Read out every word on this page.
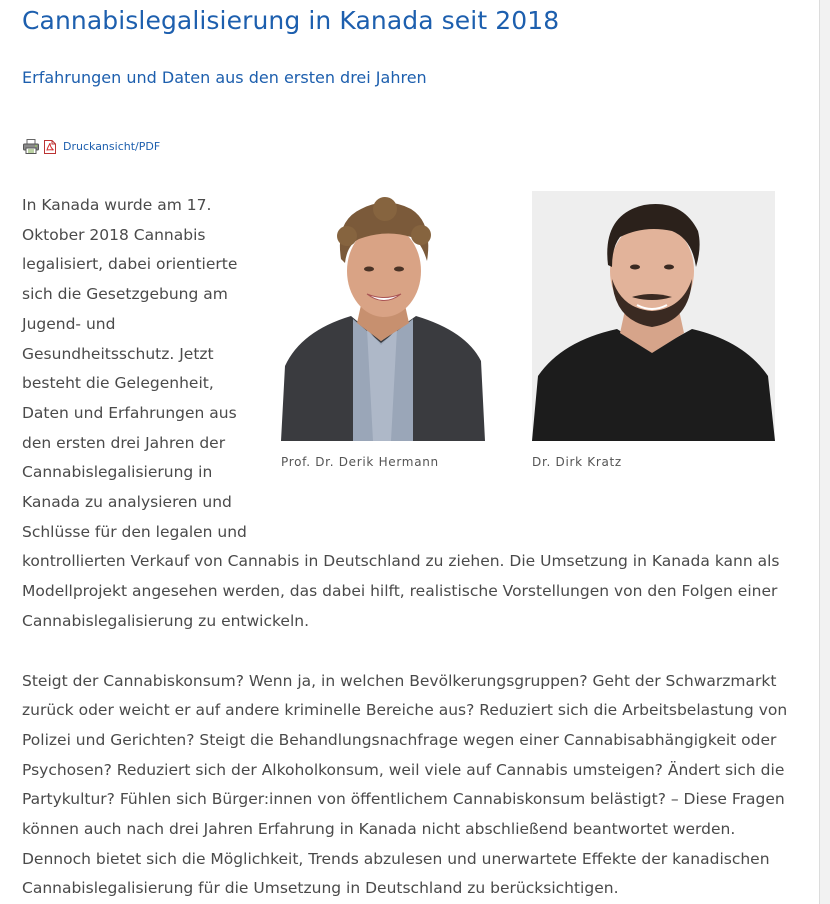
Cannabislegalisierung in Kanada seit 2018
Erfahrungen und Daten aus den ersten drei Jahren
Druckansicht/PDF
Prof. Dr. Derik Hermann	Dr. Dirk Kratz

In Kanada wurde am 17. Oktober 2018 Cannabis legalisiert, dabei orientierte sich die Gesetzgebung am Jugend- und Gesundheitsschutz. Jetzt besteht die Gelegenheit, Daten und Erfahrungen aus den ersten drei Jahren der Cannabislegalisierung in Kanada zu analysieren und Schlüsse für den legalen und kontrollierten Verkauf von Cannabis in Deutschland zu ziehen. Die Umsetzung in Kanada kann als Modellprojekt angesehen werden, das dabei hilft, realistische Vorstellungen von den Folgen einer Cannabislegalisierung zu entwickeln.

Steigt der Cannabiskonsum? Wenn ja, in welchen Bevölkerungsgruppen? Geht der Schwarzmarkt zurück oder weicht er auf andere kriminelle Bereiche aus? Reduziert sich die Arbeitsbelastung von Polizei und Gerichten? Steigt die Behandlungsnachfrage wegen einer Cannabisabhängigkeit oder Psychosen? Reduziert sich der Alkoholkonsum, weil viele auf Cannabis umsteigen? Ändert sich die Partykultur? Fühlen sich Bürger:innen von öffentlichem Cannabiskonsum belästigt? – Diese Fragen können auch nach drei Jahren Erfahrung in Kanada nicht abschließend beantwortet werden. Dennoch bietet sich die Möglichkeit, Trends abzulesen und unerwartete Effekte der kanadischen Cannabislegalisierung für die Umsetzung in Deutschland zu berücksichtigen.
